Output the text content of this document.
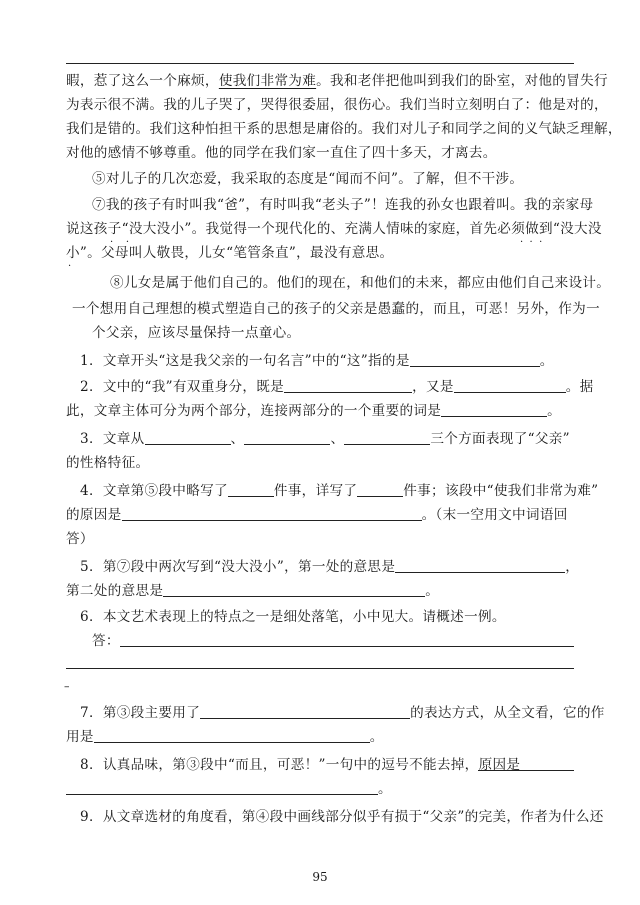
暇，惹了这么一个麻烦，使我们非常为难。我和老伴把他叫到我们的卧室，对他的冒失行
为表示很不满。我的儿子哭了，哭得很委屈，很伤心。我们当时立刻明白了：他是对的，
我们是错的。我们这种怕担干系的思想是庸俗的。我们对儿子和同学之间的义气缺乏理解，
对他的感情不够尊重。他的同学在我们家一直住了四十多天，才离去。
⑤对儿子的几次恋爱，我采取的态度是“闻而不问”。了解，但不干涉。
⑦我的孩子有时叫我“爸”，有时叫我“老头子”！连我的孙女也跟着叫。我的亲家母
说这孩子“没大没小”。我觉得一个现代化的、充满人情味的家庭，首先必须做到“没大没
·    ·	·  ·  ·
小”。父母叫人敬畏，儿女“笔管条直”，最没有意思。
·
⑧儿女是属于他们自己的。他们的现在，和他们的未来，都应由他们自己来设计。
一个想用自己理想的模式塑造自己的孩子的父亲是愚蠢的，而且，可恶！另外，作为一
个父亲，应该尽量保持一点童心。
1．文章开头“这是我父亲的一句名言”中的“这”指的是	。
2．文中的“我”有双重身分，既是	，又是	。据
此，文章主体可分为两个部分，连接两部分的一个重要的词是	。
3．文章从	、	、	三个方面表现了“父亲”
的性格特征。
4．文章第⑤段中略写了	件事，详写了	件事；该段中“使我们非常为难”
的原因是	。（末一空用文中词语回
答）
5．第⑦段中两次写到“没大没小”，第一处的意思是	，
第二处的意思是	。
6．本文艺术表现上的特点之一是细处落笔，小中见大。请概述一例。
答：
–
7．第③段主要用了	的表达方式，从全文看，它的作
用是	。
8．认真品味，第③段中“而且，可恶！”一句中的逗号不能去掉，原因是
。
9．从文章选材的角度看，第④段中画线部分似乎有损于“父亲”的完美，作者为什么还
95
